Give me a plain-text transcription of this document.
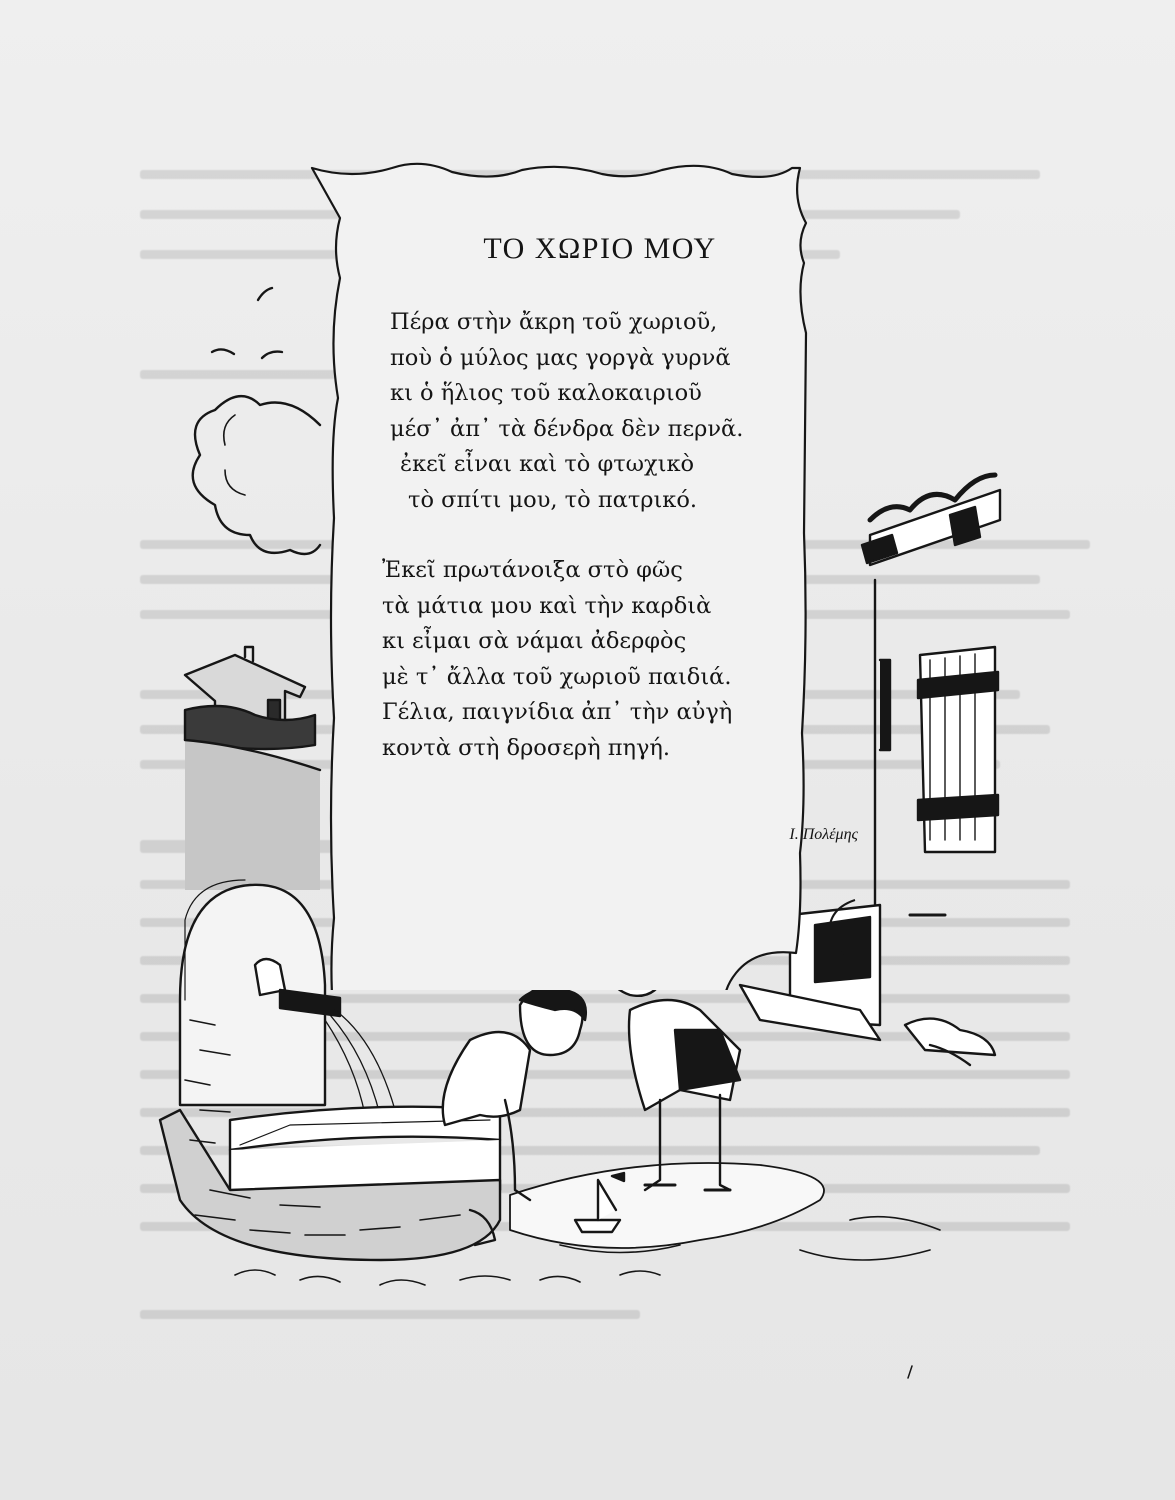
ΤΟ ΧΩΡΙΟ ΜΟΥ
Πέρα στὴν ἄκρη τοῦ χωριοῦ,
ποὺ ὁ μύλος μας γοργὰ γυρνᾶ
κι ὁ ἥλιος τοῦ καλοκαιριοῦ
μέσ᾽ ἀπ᾽ τὰ δένδρα δὲν περνᾶ.
ἐκεῖ εἶναι καὶ τὸ φτωχικὸ
τὸ σπίτι μου, τὸ πατρικό.
Ἐκεῖ πρωτάνοιξα στὸ φῶς
τὰ μάτια μου καὶ τὴν καρδιὰ
κι εἶμαι σὰ νάμαι ἀδερφὸς
μὲ τ᾽ ἄλλα τοῦ χωριοῦ παιδιά.
Γέλια, παιγνίδια ἀπ᾽ τὴν αὐγὴ
κοντὰ στὴ δροσερὴ πηγή.
Ι. Πολέμης
